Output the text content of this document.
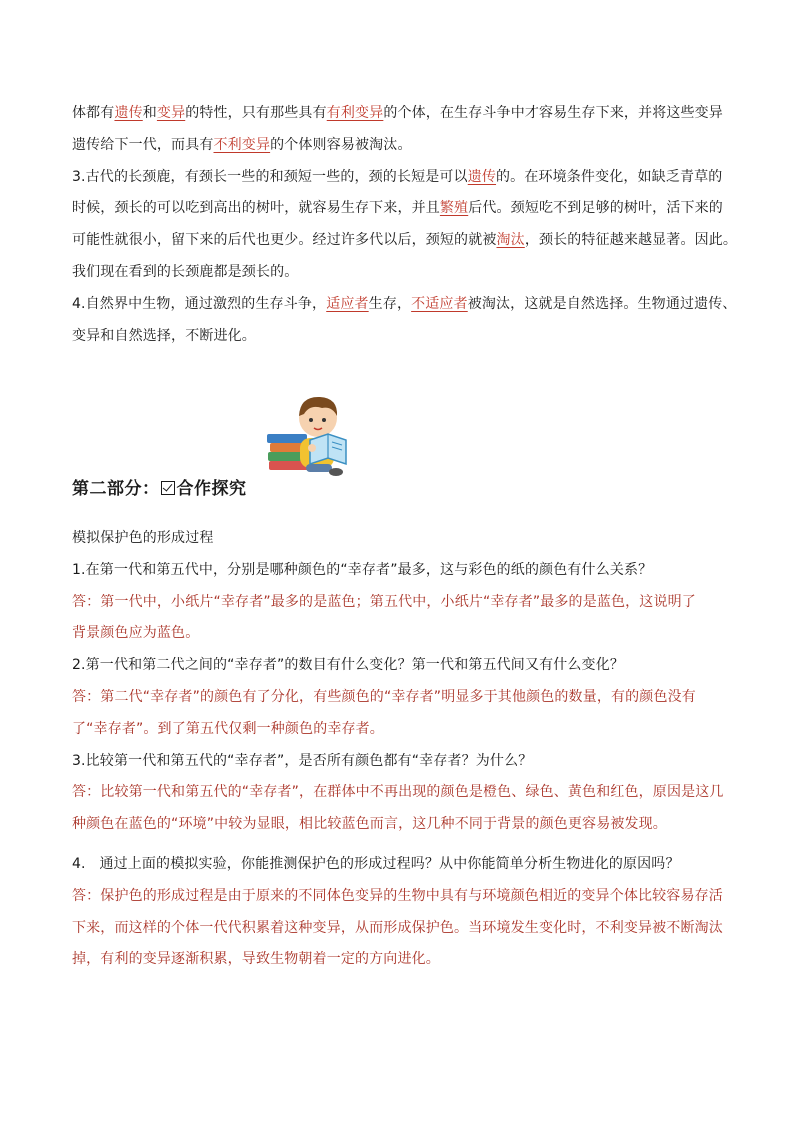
体都有遗传和变异的特性，只有那些具有有利变异的个体，在生存斗争中才容易生存下来，并将这些变异
遗传给下一代，而具有不利变异的个体则容易被淘汰。
3.古代的长颈鹿，有颈长一些的和颈短一些的，颈的长短是可以遗传的。在环境条件变化，如缺乏青草的
时候，颈长的可以吃到高出的树叶，就容易生存下来，并且繁殖后代。颈短吃不到足够的树叶，活下来的
可能性就很小，留下来的后代也更少。经过许多代以后，颈短的就被淘汰，颈长的特征越来越显著。因此。
我们现在看到的长颈鹿都是颈长的。
4.自然界中生物，通过激烈的生存斗争，适应者生存，不适应者被淘汰，这就是自然选择。生物通过遗传、
变异和自然选择，不断进化。
第二部分： 合作探究
模拟保护色的形成过程
1.在第一代和第五代中，分别是哪种颜色的“幸存者”最多，这与彩色的纸的颜色有什么关系？
答：第一代中，小纸片“幸存者”最多的是蓝色；第五代中，小纸片“幸存者”最多的是蓝色，这说明了
背景颜色应为蓝色。
2.第一代和第二代之间的“幸存者”的数目有什么变化？第一代和第五代间又有什么变化？
答：第二代“幸存者”的颜色有了分化，有些颜色的“幸存者”明显多于其他颜色的数量，有的颜色没有
了“幸存者”。到了第五代仅剩一种颜色的幸存者。
3.比较第一代和第五代的“幸存者”，是否所有颜色都有“幸存者？为什么？
答：比较第一代和第五代的“幸存者”，在群体中不再出现的颜色是橙色、绿色、黄色和红色，原因是这几
种颜色在蓝色的“环境”中较为显眼，相比较蓝色而言，这几种不同于背景的颜色更容易被发现。
4.   通过上面的模拟实验，你能推测保护色的形成过程吗？从中你能简单分析生物进化的原因吗？
答：保护色的形成过程是由于原来的不同体色变异的生物中具有与环境颜色相近的变异个体比较容易存活
下来，而这样的个体一代代积累着这种变异，从而形成保护色。当环境发生变化时，不利变异被不断淘汰
掉，有利的变异逐渐积累，导致生物朝着一定的方向进化。
